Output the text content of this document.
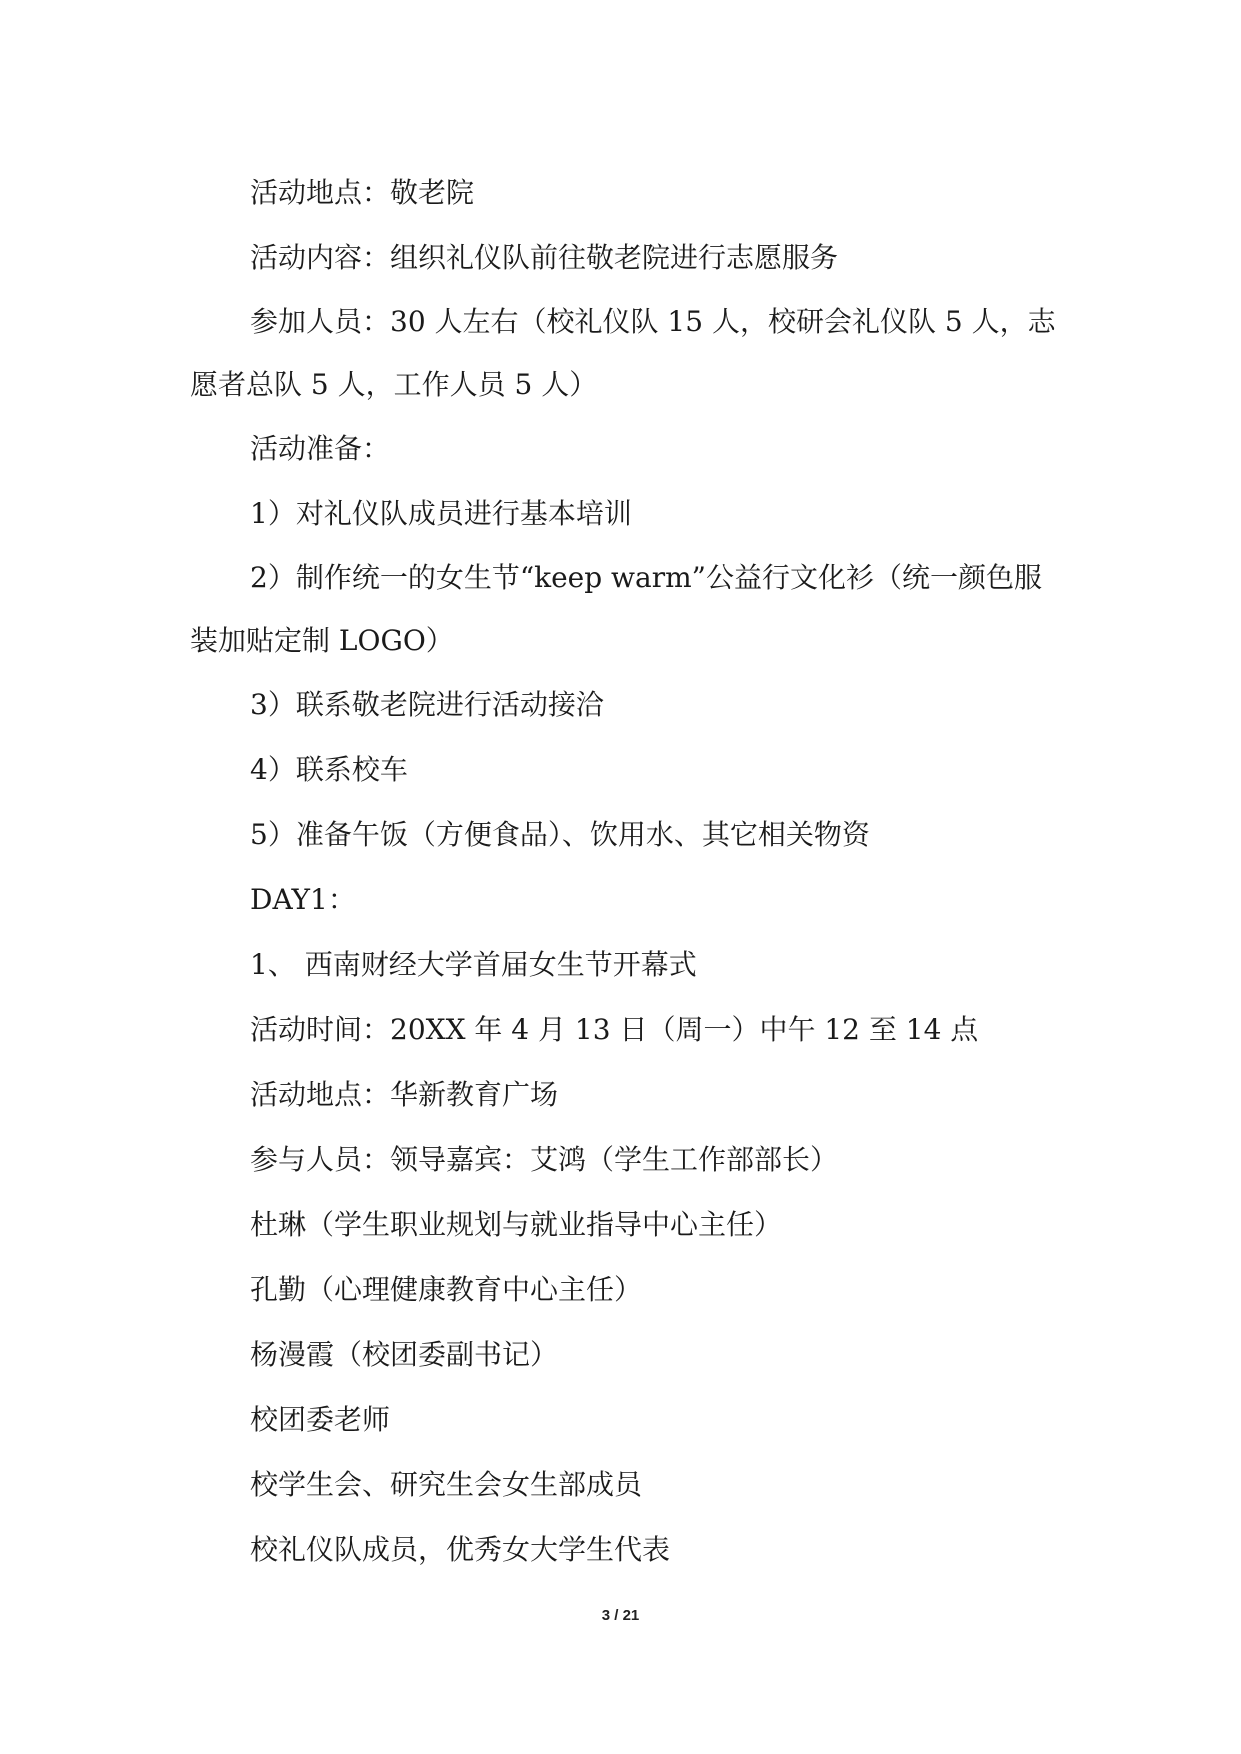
活动地点：敬老院

活动内容：组织礼仪队前往敬老院进行志愿服务

参加人员：30 人左右（校礼仪队 15 人，校研会礼仪队 5 人，志愿者总队 5 人，工作人员 5 人）

活动准备：

1）对礼仪队成员进行基本培训

2）制作统一的女生节“keep warm”公益行文化衫（统一颜色服装加贴定制 LOGO）

3）联系敬老院进行活动接洽

4）联系校车

5）准备午饭（方便食品）、饮用水、其它相关物资

DAY1：

1、 西南财经大学首届女生节开幕式

活动时间：20XX 年 4 月 13 日（周一）中午 12 至 14 点

活动地点：华新教育广场

参与人员：领导嘉宾：艾鸿（学生工作部部长）

杜琳（学生职业规划与就业指导中心主任）

孔勤（心理健康教育中心主任）

杨漫霞（校团委副书记）

校团委老师

校学生会、研究生会女生部成员

校礼仪队成员，优秀女大学生代表

3 / 21
